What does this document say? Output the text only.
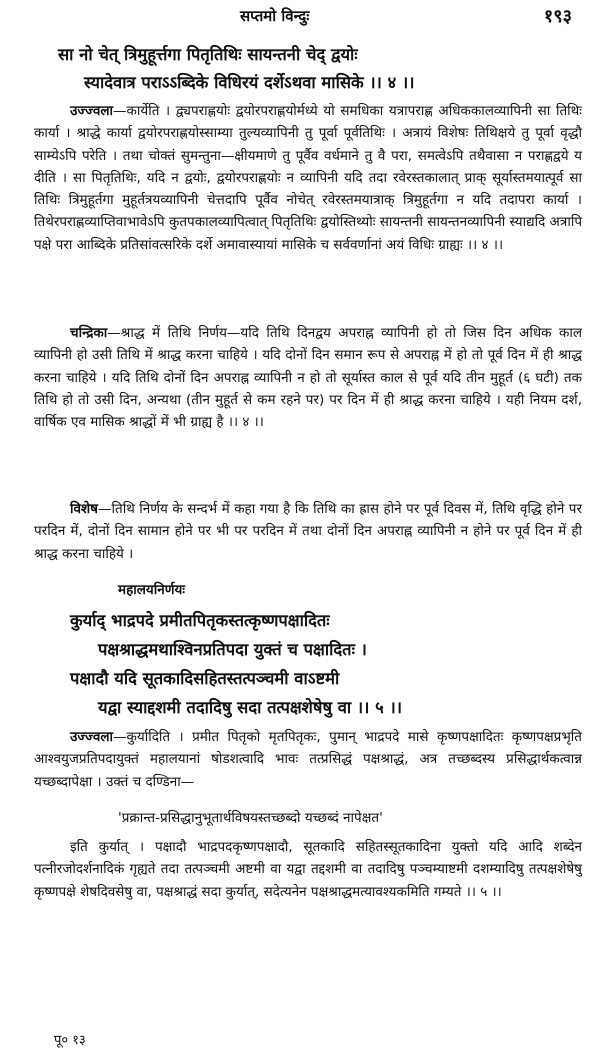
सप्तमो विन्दुः	१९३
सा नो चेत् त्रिमुहूर्त्तगा पितृतिथिः सायन्तनी चेद् द्वयोः
स्यादेवात्र पराऽऽब्दिके विधिरयं दर्शेऽथवा मासिके ।। ४ ।।

उज्ज्वला—कार्येति । द्व्यपराह्णयोः द्वयोरपराह्णयोर्मध्ये यो समधिका यत्रापराह्ण अधिककालव्यापिनी सा तिथिः कार्या । श्राद्धे कार्या द्वयोरपराह्णयोस्साम्या तुल्यव्यापिनी तु पूर्वा पूर्वतिथिः । अत्रायं विशेषः तिथिक्षये तु पूर्वा वृद्धौ साम्येऽपि परेति । तथा चोक्तं सुमन्तुना—क्षीयमाणे तु पूर्वैव वर्धमाने तु वै परा, समत्वेऽपि तथैवासा न पराह्णद्वये य दीति । सा पितृतिथिः, यदि न द्वयोः, द्वयोरपराह्णयोः न व्यापिनी यदि तदा रवेरस्तकालात् प्राक् सूर्यास्तमयात्पूर्व सा तिथिः त्रिमुहूर्तगा मुहूर्तत्रयव्यापिनी चेत्तदापि पूर्वैव नोचेत् रवेरस्तमयात्राक् त्रिमुहूर्तगा न यदि तदापरा कार्या । तिथेरपराह्णव्याप्तिवाभावेऽपि कुतपकालव्यापित्वात् पितृतिथिः द्वयोस्तिथ्योः सायन्तनी सायन्तनव्यापिनी स्याद्यदि अत्रापि पक्षे परा आब्दिके प्रतिसांवत्सरिके दर्शे अमावास्यायां मासिके च सर्ववर्णानां अयं विधिः ग्राह्यः ।। ४ ।।

चन्द्रिका—श्राद्ध में तिथि निर्णय—यदि तिथि दिनद्वय अपराह्न व्यापिनी हो तो जिस दिन अधिक काल व्यापिनी हो उसी तिथि में श्राद्ध करना चाहिये । यदि दोनों दिन समान रूप से अपराह्न में हो तो पूर्व दिन में ही श्राद्ध करना चाहिये । यदि तिथि दोनों दिन अपराह्न व्यापिनी न हो तो सूर्यास्त काल से पूर्व यदि तीन मुहूर्त (६ घटी) तक तिथि हो तो उसी दिन, अन्यथा (तीन मुहूर्त से कम रहने पर) पर दिन में ही श्राद्ध करना चाहिये । यही नियम दर्श, वार्षिक एव मासिक श्राद्धों में भी ग्राह्य है ।। ४ ।।

विशेष—तिथि निर्णय के सन्दर्भ में कहा गया है कि तिथि का ह्रास होने पर पूर्व दिवस में, तिथि वृद्धि होने पर परदिन में, दोनों दिन सामान होने पर भी पर परदिन में तथा दोनों दिन अपराह्न व्यापिनी न होने पर पूर्व दिन में ही श्राद्ध करना चाहिये ।

महालयनिर्णयः
कुर्याद् भाद्रपदे प्रमीतपितृकस्तत्कृष्णपक्षादितः
पक्षश्राद्धमथाश्विनप्रतिपदा युक्तं च पक्षादितः ।
पक्षादौ यदि सूतकादिसहितस्तत्पञ्चमी वाऽष्टमी
यद्वा स्याद्दशमी तदादिषु सदा तत्पक्षशेषेषु वा ।। ५ ।।

उज्ज्वला—कुर्यादिति । प्रमीत पितृको मृतपितृकः, पुमान् भाद्रपदे मासे कृष्णपक्षादितः कृष्णपक्षप्रभृति आश्वयुजप्रतिपदायुक्तं महालयानां षोडशत्वादि भावः तत्प्रसिद्धं पक्षश्राद्धं, अत्र तच्छब्दस्य प्रसिद्धार्थकत्वान्न यच्छब्दापेक्षा । उक्तं च दण्डिना—

'प्रक्रान्त-प्रसिद्धानुभूतार्थविषयस्तच्छब्दो यच्छब्दं नापेक्षत'

इति कुर्यात् । पक्षादौ भाद्रपदकृष्णपक्षादौ, सूतकादि सहितस्सूतकादिना युक्तो यदि आदि शब्देन पत्नीरजोदर्शनादिकं गृह्यते तदा तत्पञ्चमी अष्टमी वा यद्वा तद्दशमी वा तदादिषु पञ्चम्याष्टमी दशम्यादिषु तत्पक्षशेषेषु कृष्णपक्षे शेषदिवसेषु वा, पक्षश्राद्धं सदा कुर्यात्, सदेत्यनेन पक्षश्राद्धमत्यावश्यकमिति गम्यते ।। ५ ।।

पू० १३
